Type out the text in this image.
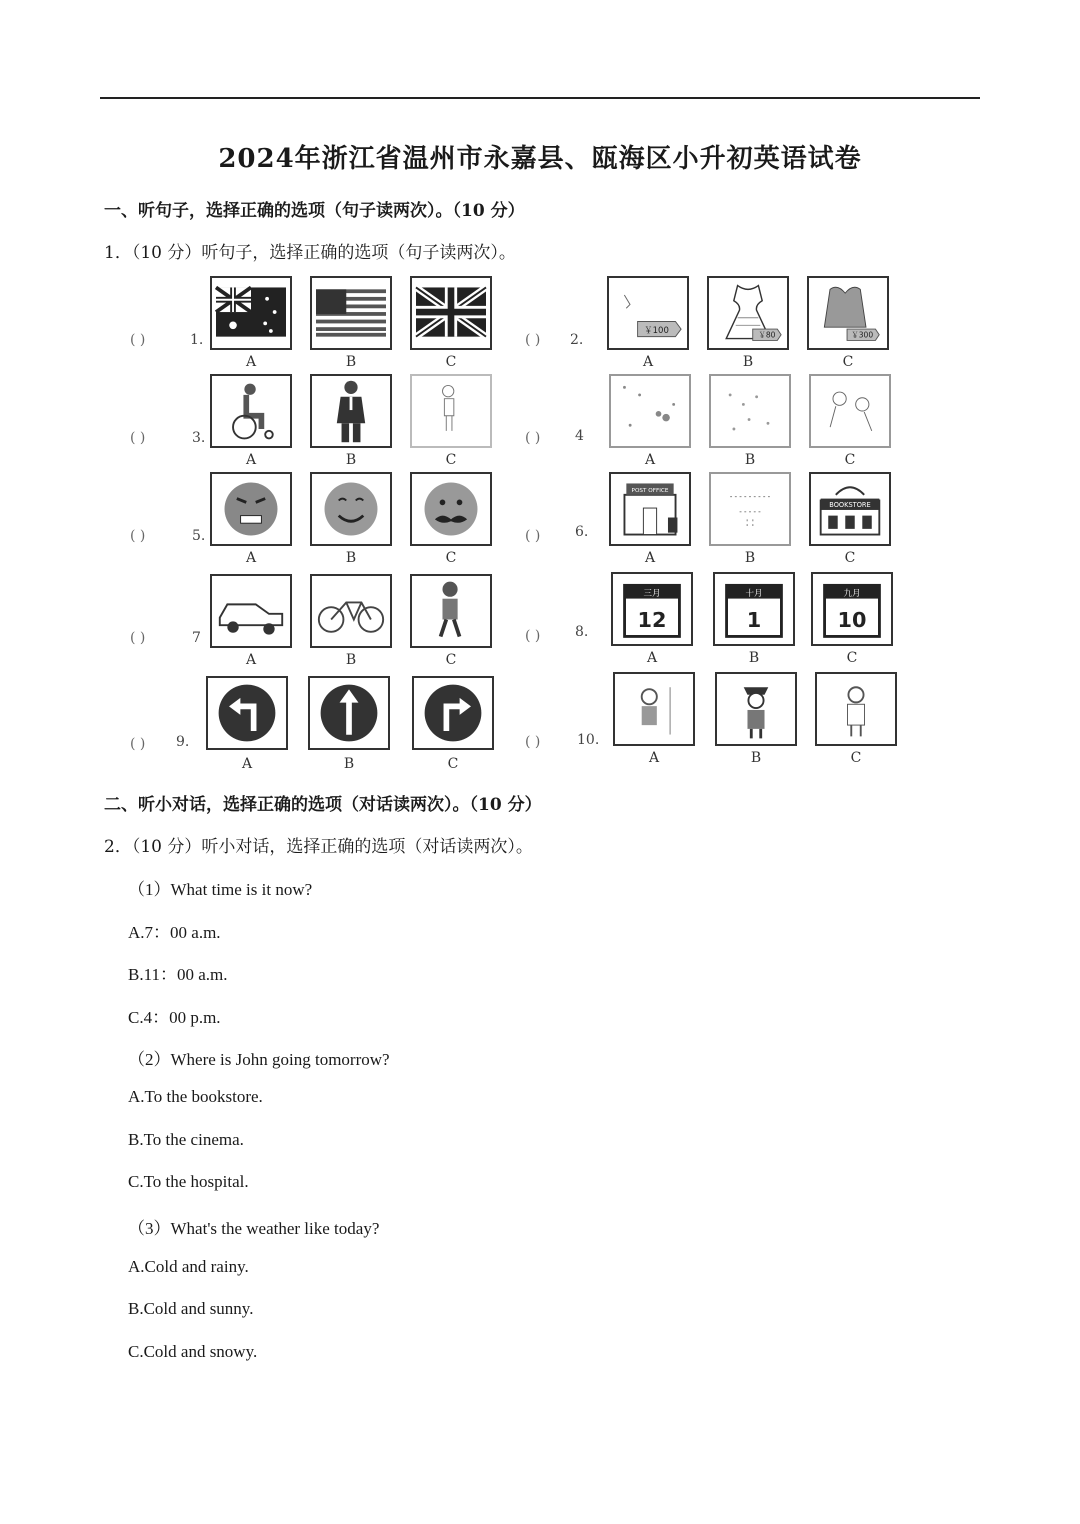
2024年浙江省温州市永嘉县、瓯海区小升初英语试卷
一、听句子，选择正确的选项（句子读两次）。（10 分）
1．（10 分）听句子，选择正确的选项（句子读两次）。
( )	1.
A	B	C
( ) 2.
￥100
A
￥80
B
￥300
C
( )	3.
A	B	C
( ) 4
A	B	C
( )	5.
A	B	C
( ) 6.
POST OFFICE
A	B
BOOKSTORE
C
( )	7
A	B	C
( ) 8.
三月
12
A
十月
1
B
九月
10
C
( ) 9.
A	B	C
( )	10.
A	B	C
二、听小对话，选择正确的选项（对话读两次）。（10 分）
2．（10 分）听小对话，选择正确的选项（对话读两次）。
（1）What time is it now?
A.7：00 a.m.
B.11：00 a.m.
C.4：00 p.m.
（2）Where is John going tomorrow?
A.To the bookstore.
B.To the cinema.
C.To the hospital.
（3）What's the weather like today?
A.Cold and rainy.
B.Cold and sunny.
C.Cold and snowy.
